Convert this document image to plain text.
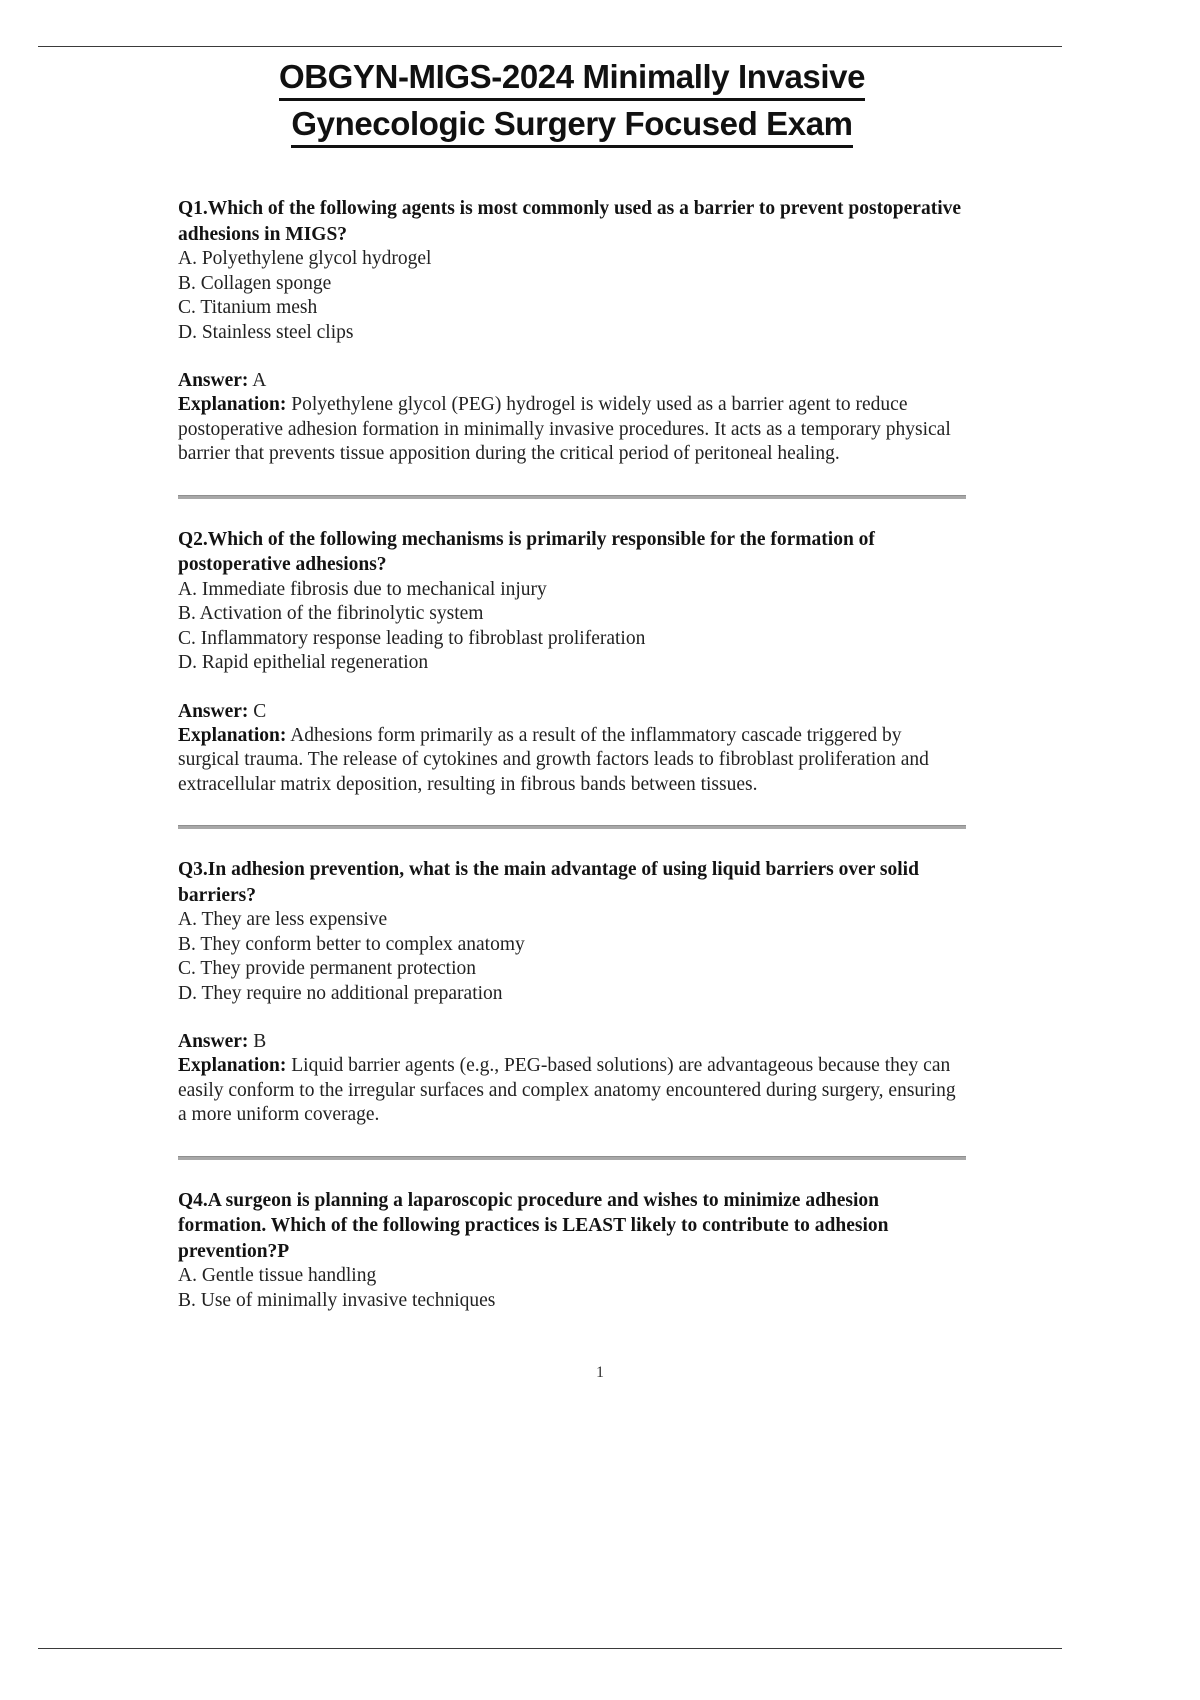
OBGYN-MIGS-2024 Minimally Invasive
Gynecologic Surgery Focused Exam

Q1.Which of the following agents is most commonly used as a barrier to prevent postoperative adhesions in MIGS?

A. Polyethylene glycol hydrogel

B. Collagen sponge

C. Titanium mesh

D. Stainless steel clips

Answer: A

Explanation: Polyethylene glycol (PEG) hydrogel is widely used as a barrier agent to reduce postoperative adhesion formation in minimally invasive procedures. It acts as a temporary physical barrier that prevents tissue apposition during the critical period of peritoneal healing.

Q2.Which of the following mechanisms is primarily responsible for the formation of postoperative adhesions?

A. Immediate fibrosis due to mechanical injury

B. Activation of the fibrinolytic system

C. Inflammatory response leading to fibroblast proliferation

D. Rapid epithelial regeneration

Answer: C

Explanation: Adhesions form primarily as a result of the inflammatory cascade triggered by surgical trauma. The release of cytokines and growth factors leads to fibroblast proliferation and extracellular matrix deposition, resulting in fibrous bands between tissues.

Q3.In adhesion prevention, what is the main advantage of using liquid barriers over solid barriers?

A. They are less expensive

B. They conform better to complex anatomy

C. They provide permanent protection

D. They require no additional preparation

Answer: B

Explanation: Liquid barrier agents (e.g., PEG-based solutions) are advantageous because they can easily conform to the irregular surfaces and complex anatomy encountered during surgery, ensuring a more uniform coverage.

Q4.A surgeon is planning a laparoscopic procedure and wishes to minimize adhesion formation. Which of the following practices is LEAST likely to contribute to adhesion prevention?P

A. Gentle tissue handling

B. Use of minimally invasive techniques

1
